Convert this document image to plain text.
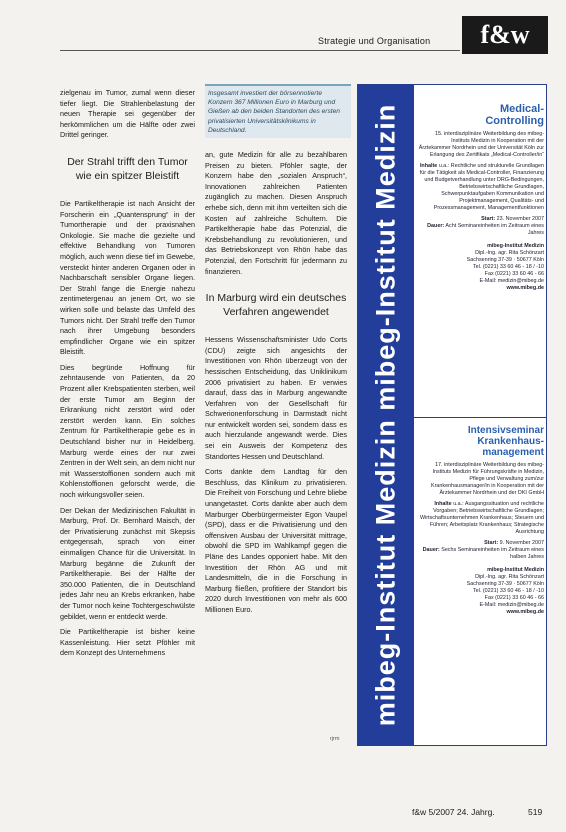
Strategie und Organisation	f&w

zielgenau im Tumor, zumal wenn dieser tiefer liegt. Die Strahlenbelastung der neuen Therapie sei gegenüber der herkömmlichen um die Hälfte oder zwei Drittel geringer.

Der Strahl trifft den Tumor wie ein spitzer Bleistift

Die Partikeltherapie ist nach Ansicht der Forscherin ein „Quantensprung“ in der Tumortherapie und der praxisnahen Onkologie. Sie mache die gezielte und effektive Behandlung von Tumoren möglich, auch wenn diese tief im Gewebe, versteckt hinter anderen Organen oder in Nachbarschaft sensibler Organe liegen. Der Strahl fange die Energie nahezu zentimetergenau an jenem Ort, wo sie wirken solle und belaste das Umfeld des Tumors nicht. Der Strahl treffe den Tumor nach ihrer Umgebung besonders empfindlicher Organe wie ein spitzer Bleistift.

Dies begründe Hoffnung für zehntausende von Patienten, da 20 Prozent aller Krebspatienten sterben, weil der erste Tumor am Beginn der Erkrankung nicht zerstört wird oder zerstört werden kann. Ein solches Zentrum für Partikeltherapie gebe es in Deutschland bisher nur in Heidelberg. Marburg werde eines der nur zwei Zentren in der Welt sein, an dem nicht nur mit Wasserstoffionen sondern auch mit Kohlenstoffionen geforscht werde, die noch wirkungsvoller seien.

Der Dekan der Medizinischen Fakultät in Marburg, Prof. Dr. Bernhard Maisch, der der Privatisierung zunächst mit Skepsis entgegensah, sprach von einer einmaligen Chance für die Universität. In Marburg begänne die Zukunft der Partikeltherapie. Bei der Hälfte der 350.000 Patienten, die in Deutschland jedes Jahr neu an Krebs erkranken, habe der Tumor noch keine Tochtergeschwülste gebildet, wenn er entdeckt werde.

Die Partikeltherapie ist bisher keine Kassenleistung. Hier setzt Pföhler mit dem Konzept des Unternehmens

Insgesamt investiert der börsennotierte Konzern 367 Millionen Euro in Marburg und Gießen ab den beiden Standorten des ersten privatisierten Universitätsklinikums in Deutschland.

an, gute Medizin für alle zu bezahlbaren Preisen zu bieten. Pföhler sagte, der Konzern habe den „sozialen Anspruch“, Innovationen zahlreichen Patienten zugänglich zu machen. Diesen Anspruch erhebe sich, denn mit ihm verteilten sich die Kosten auf zahlreiche Schultern. Die Partikeltherapie habe das Potenzial, die Krebsbehandlung zu revolutionieren, und das Betriebskonzept von Rhön habe das Potenzial, den Fortschritt für jedermann zu finanzieren.

In Marburg wird ein deutsches Verfahren angewendet

Hessens Wissenschaftsminister Udo Corts (CDU) zeigte sich angesichts der Investitionen von Rhön überzeugt von der hessischen Entscheidung, das Uniklinikum 2006 privatisiert zu haben. Er verwies darauf, dass das in Marburg angewandte Verfahren von der Gesellschaft für Schwerionenforschung in Darmstadt nicht nur entwickelt worden sei, sondern dass es auch hierzulande angewandt werde. Dies sei ein Ausweis der Kompetenz des Standortes Hessen und Deutschland.

Corts dankte dem Landtag für den Beschluss, das Klinikum zu privatisieren. Die Freiheit von Forschung und Lehre bliebe unangetastet. Corts dankte aber auch dem Marburger Oberbürgermeister Egon Vaupel (SPD), dass er die Privatisierung und den offensiven Ausbau der Universität mittrage, obwohl die SPD im Wahlkampf gegen die Pläne des Landes opponiert habe. Mit den Investition der Rhön AG und mit Landesmitteln, die in die Forschung in Marburg fließen, profitiere der Standort bis 2020 durch Investitionen von mehr als 600 Millionen Euro.

rjrm
mibeg-Institut Medizin mibeg-Institut Medizin	Medical-
Controlling
15. interdisziplinäre Weiterbildung des mibeg-Instituts Medizin in Kooperation mit der Ärztekammer Nordrhein und der Universität Köln zur Erlangung des Zertifikats „Medical-Controller/in“
Inhalte u.a.: Rechtliche und strukturelle Grundlagen für die Tätigkeit als Medical-Controller, Finanzierung und Budgetverhandlung unter DRG-Bedingungen, Betriebswirtschaftliche Grundlagen, Schwerpunktaufgaben Kommunikation und Projektmanagement, Qualitäts- und Prozessmanagement, Managementfunktionen
Start: 23. November 2007
Dauer: Acht Seminareinheiten im Zeitraum eines Jahres
mibeg-Institut Medizin
Dipl.-Ing. agr. Rita Schönzart
Sachsenring 37-39 · 50677 Köln
Tel. (0221) 33 60 46 - 18 / -10
Fax (0221) 33 60 46 - 66
E-Mail: medizin@mibeg.de
www.mibeg.de
Intensivseminar
Krankenhaus-
management
17. interdisziplinäre Weiterbildung des mibeg-Instituts Medizin für Führungskräfte in Medizin, Pflege und Verwaltung zum/zur Krankenhausmanager/in in Kooperation mit der Ärztekammer Nordrhein und der DKI GmbH
Inhalte u.a.: Ausgangssituation und rechtliche Vorgaben; Betriebswirtschaftliche Grundlagen; Wirtschaftsunternehmen Krankenhaus; Steuern und Führen; Arbeitsplatz Krankenhaus; Strategische Ausrichtung
Start: 9. November 2007
Dauer: Sechs Seminareinheiten im Zeitraum eines halben Jahres
mibeg-Institut Medizin
Dipl.-Ing. agr. Rita Schönzart
Sachsenring 37-39 · 50677 Köln
Tel. (0221) 33 60 46 - 18 / -10
Fax (0221) 33 60 46 - 66
E-Mail: medizin@mibeg.de
www.mibeg.de
f&w 5/2007 24. Jahrg.	519
